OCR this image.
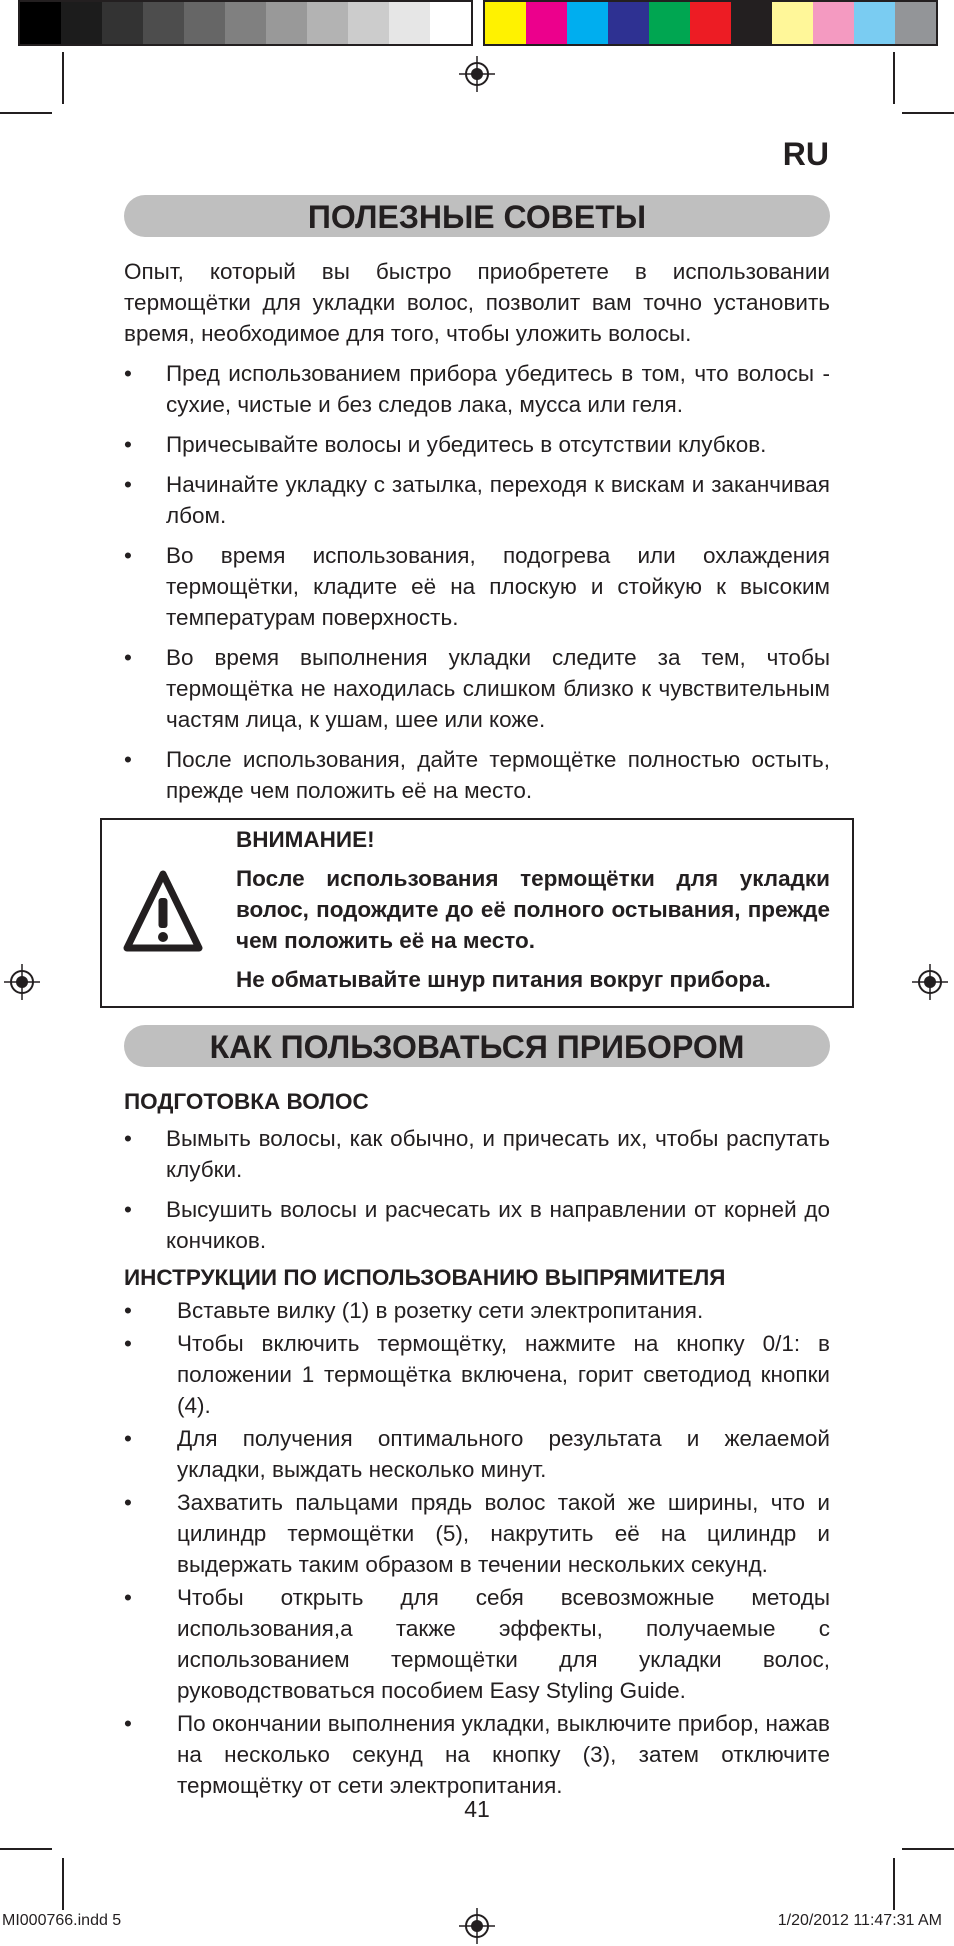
RU
ПОЛЕЗНЫЕ СОВЕТЫ

Опыт, который вы быстро приобретете в использовании термощётки для укладки волос, позволит вам точно установить время, необходимое для того, чтобы уложить волосы.

• Пред использованием прибора убедитесь в том, что волосы - сухие, чистые и без следов лака, мусса или геля.
• Причесывайте волосы и убедитесь в отсутствии клубков.
• Начинайте укладку с затылка, переходя к вискам и заканчивая лбом.
• Во время использования, подогрева или охлаждения термощётки, кладите её на плоскую и стойкую к высоким температурам поверхность.
• Во время выполнения укладки следите за тем, чтобы термощётка не находилась слишком близко к чувствительным частям лица, к ушам, шее или коже.
• После использования, дайте термощётке полностью остыть, прежде чем положить её на место.

ВНИМАНИЕ!

После использования термощётки для укладки волос, подождите до её полного остывания, прежде чем положить её на место.

Не обматывайте шнур питания вокруг прибора.

КАК ПОЛЬЗОВАТЬСЯ ПРИБОРОМ

ПОДГОТОВКА ВОЛОС

• Вымыть волосы, как обычно, и причесать их, чтобы распутать клубки.
• Высушить волосы и расчесать их в направлении от корней до кончиков.

ИНСТРУКЦИИ ПО ИСПОЛЬЗОВАНИЮ ВЫПРЯМИТЕЛЯ

• Вставьте вилку (1) в розетку сети электропитания.
• Чтобы включить термощётку, нажмите на кнопку 0/1: в положении 1 термощётка включена, горит светодиод кнопки (4).
• Для получения оптимального результата и желаемой укладки, выждать несколько минут.
• Захватить пальцами прядь волос такой же ширины, что и цилиндр термощётки (5), накрутить её на цилиндр и выдержать таким образом в течении нескольких секунд.
• Чтобы открыть для себя всевозможные методы использования,а также эффекты, получаемые с использованием термощётки для укладки волос, руководствоваться пособием Easy Styling Guide.
• По окончании выполнения укладки, выключите прибор, нажав на несколько секунд на кнопку (3), затем отключите термощётку от сети электропитания.
41
MI000766.indd 5	1/20/2012 11:47:31 AM
